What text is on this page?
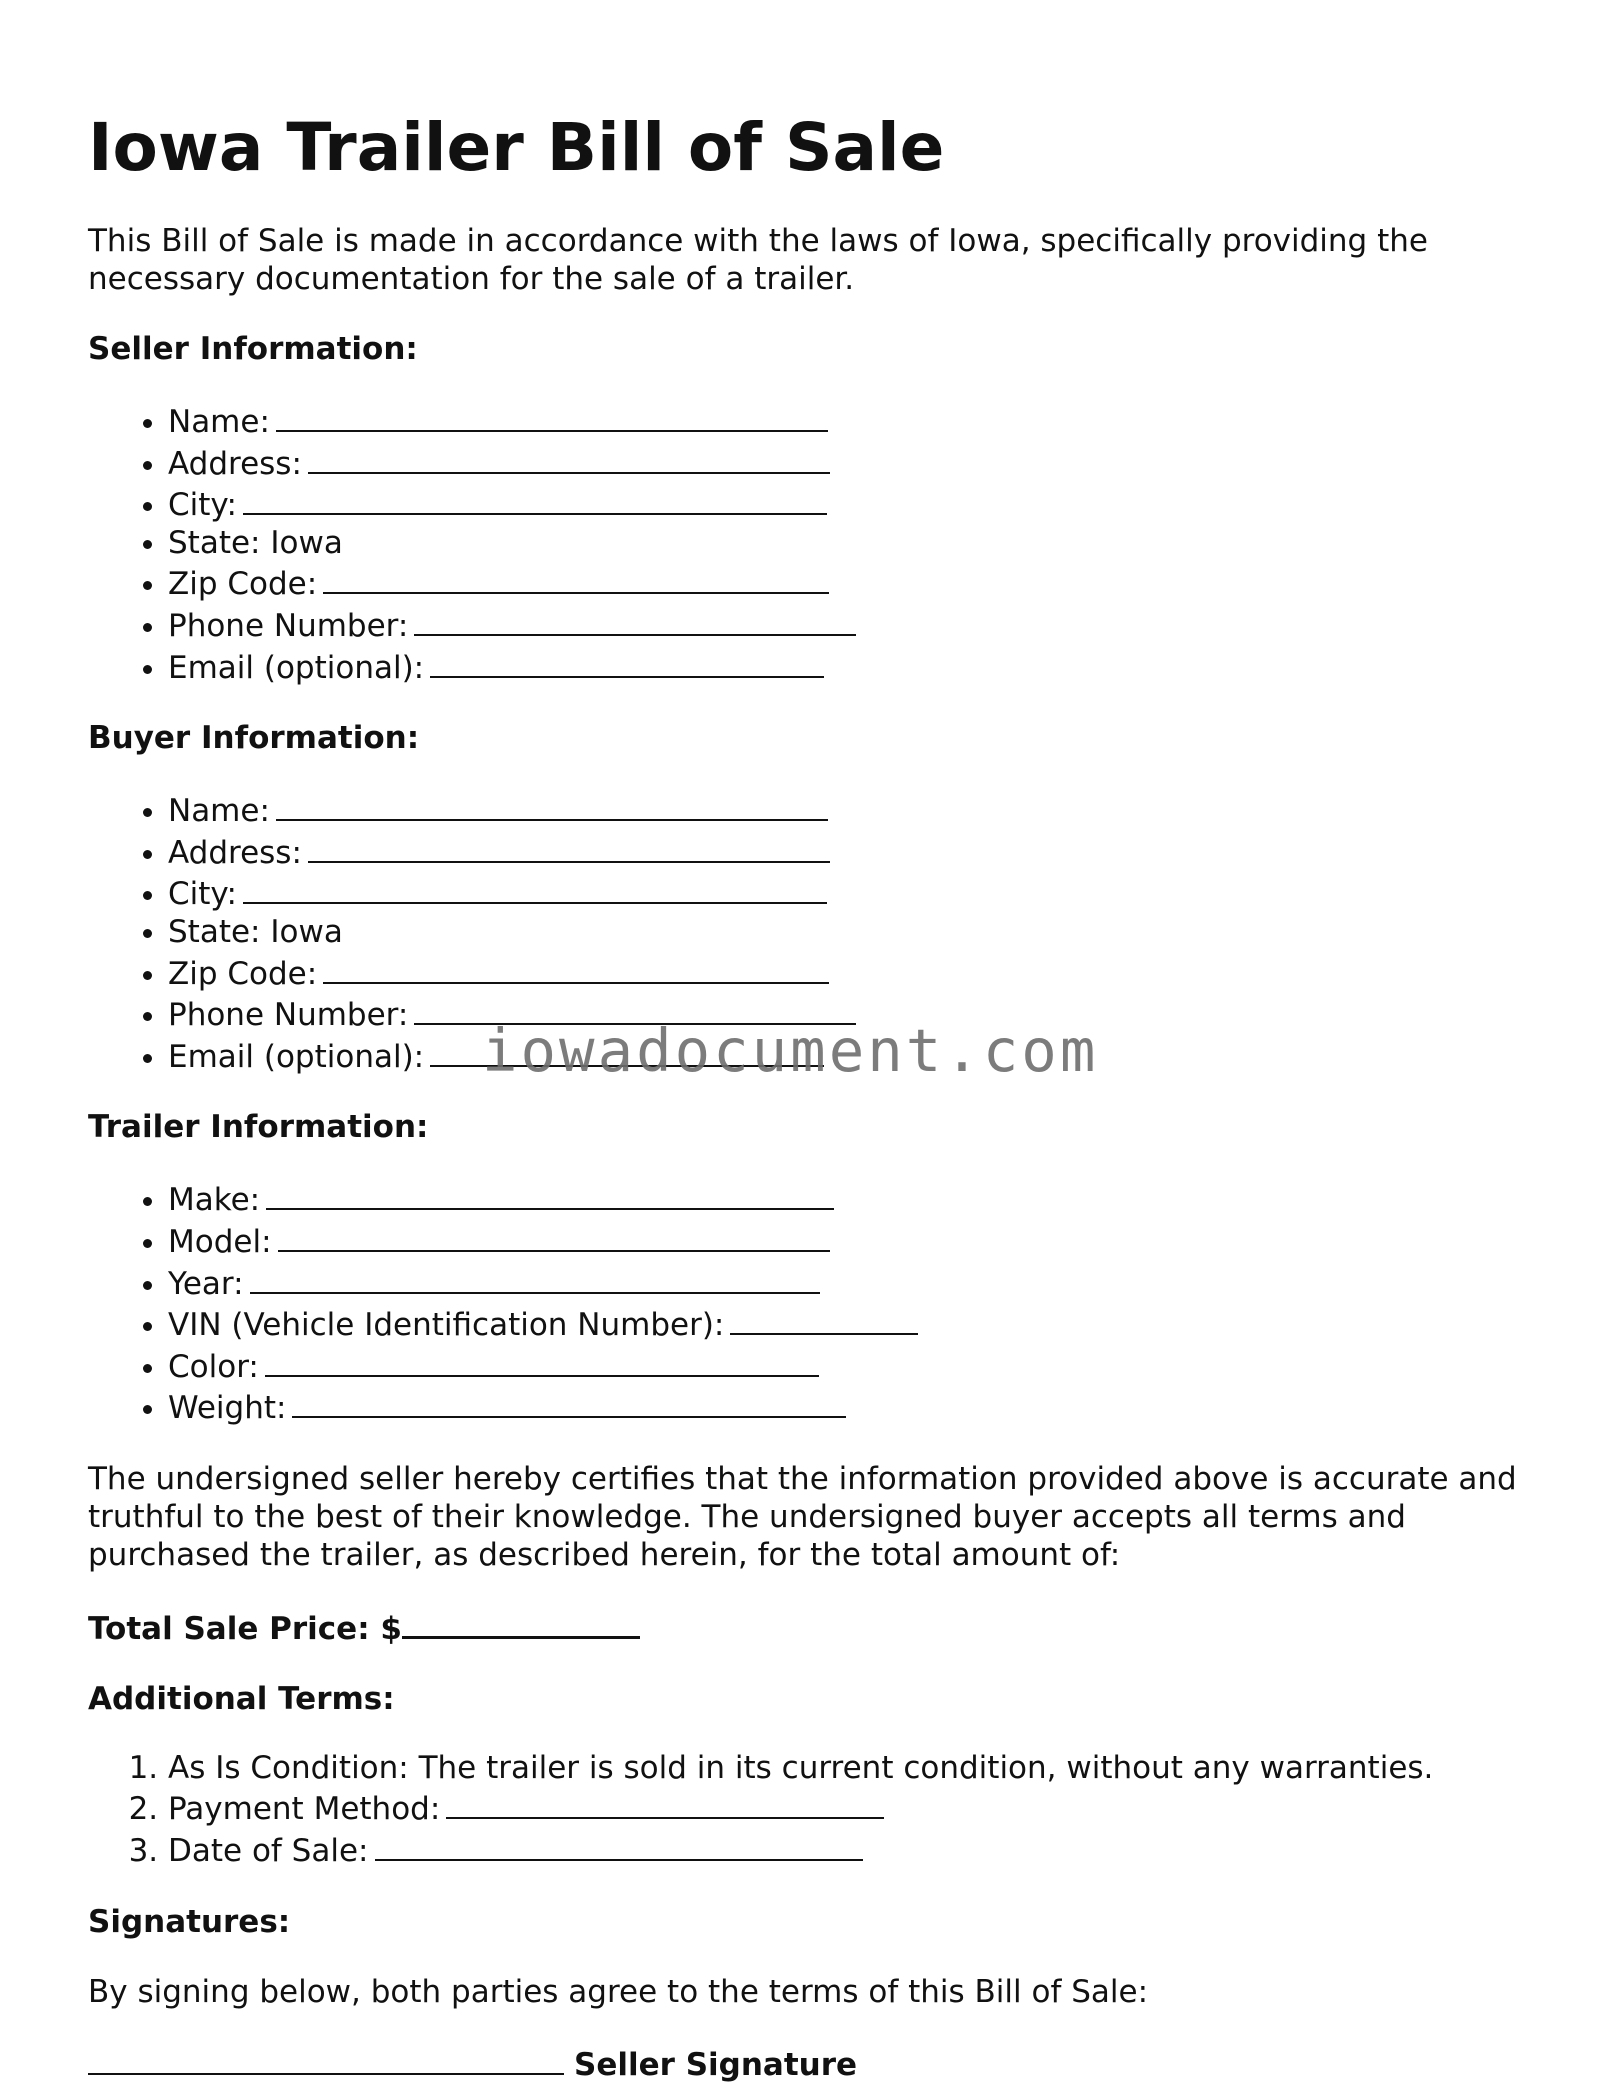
Iowa Trailer Bill of Sale

This Bill of Sale is made in accordance with the laws of Iowa, specifically providing the necessary documentation for the sale of a trailer.

Seller Information:
• Name:
• Address:
• City:
• State: Iowa
• Zip Code:
• Phone Number:
• Email (optional):
Buyer Information:
• Name:
• Address:
• City:
• State: Iowa
• Zip Code:
• Phone Number:
• Email (optional):
Trailer Information:
• Make:
• Model:
• Year:
• VIN (Vehicle Identification Number):
• Color:
• Weight:

The undersigned seller hereby certifies that the information provided above is accurate and truthful to the best of their knowledge. The undersigned buyer accepts all terms and purchased the trailer, as described herein, for the total amount of:

Total Sale Price: $
Additional Terms:
1. As Is Condition: The trailer is sold in its current condition, without any warranties.
2. Payment Method:
3. Date of Sale:
Signatures:

By signing below, both parties agree to the terms of this Bill of Sale:

Seller Signature
iowadocument.com
